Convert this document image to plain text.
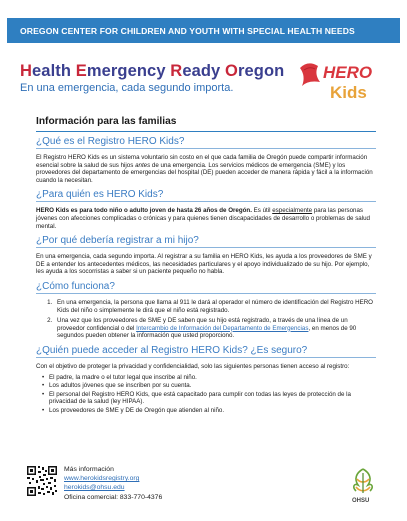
OREGON CENTER FOR CHILDREN AND YOUTH WITH SPECIAL HEALTH NEEDS
Health Emergency Ready Oregon
En una emergencia, cada segundo importa.
HERO
Kids
Información para las familias
¿Qué es el Registro HERO Kids?

El Registro HERO Kids es un sistema voluntario sin costo en el que cada familia de Oregón puede compartir información esencial sobre la salud de sus hijos antes de una emergencia. Los servicios médicos de emergencia (SME) y los proveedores del departamento de emergencias del hospital (DE) pueden acceder de manera rápida y fácil a la información cuando la necesitan.

¿Para quién es HERO Kids?

HERO Kids es para todo niño o adulto joven de hasta 26 años de Oregón. Es útil especialmente para las personas jóvenes con afecciones complicadas o crónicas y para quienes tienen discapacidades de desarrollo o problemas de salud mental.

¿Por qué debería registrar a mi hijo?

En una emergencia, cada segundo importa. Al registrar a su familia en HERO Kids, les ayuda a los proveedores de SME y DE a entender los antecedentes médicos, las necesidades particulares y el apoyo individualizado de su hijo. Por ejemplo, les ayuda a los socorristas a saber si un paciente pequeño no habla.

¿Cómo funciona?
1. En una emergencia, la persona que llama al 911 le dará al operador el número de identificación del Registro HERO Kids del niño o simplemente le dirá que el niño está registrado.
2. Una vez que los proveedores de SME y DE saben que su hijo está registrado, a través de una línea de un proveedor confidencial o del Intercambio de Información del Departamento de Emergencias, en menos de 90 segundos pueden obtener la información que usted proporcionó.
¿Quién puede acceder al Registro HERO Kids? ¿Es seguro?

Con el objetivo de proteger la privacidad y confidencialidad, solo las siguientes personas tienen acceso al registro:

• El padre, la madre o el tutor legal que inscribe al niño.
• Los adultos jóvenes que se inscriben por su cuenta.
• El personal del Registro HERO Kids, que está capacitado para cumplir con todas las leyes de protección de la privacidad de la salud (ley HIPAA).
• Los proveedores de SME y DE de Oregón que atienden al niño.
Más información
www.herokidsregistry.org
herokids@ohsu.edu
Oficina comercial: 833-770-4376
OHSU
